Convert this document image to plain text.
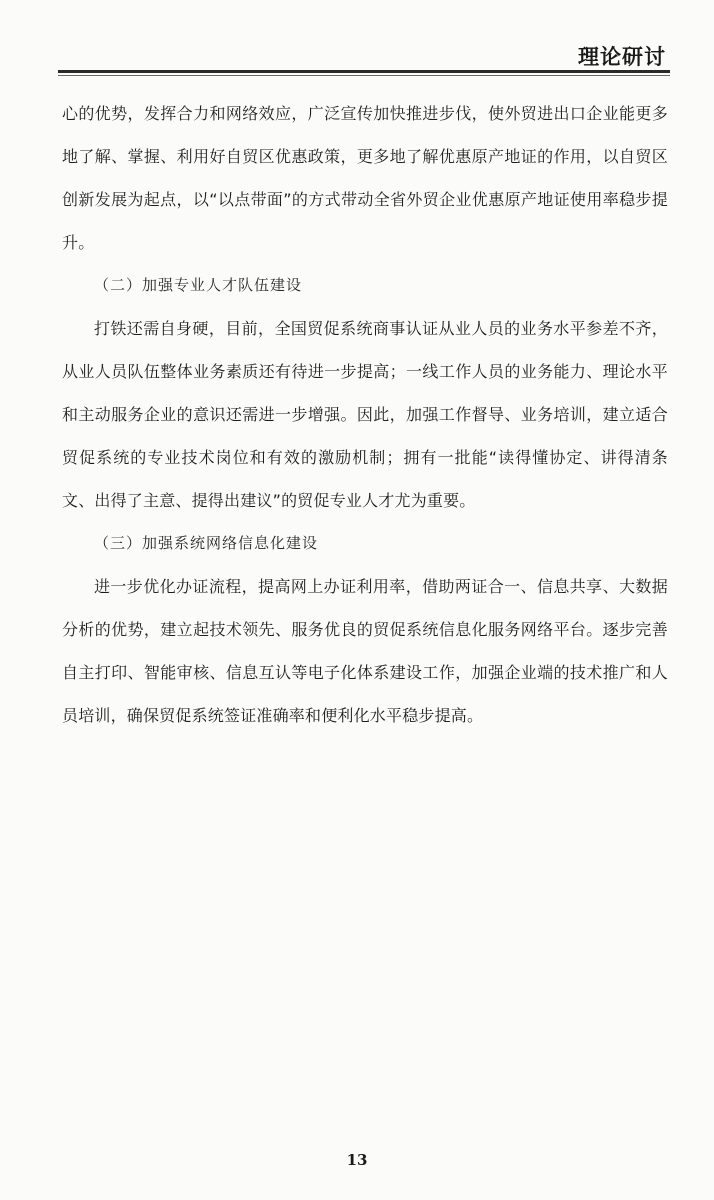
理论研讨

心的优势，发挥合力和网络效应，广泛宣传加快推进步伐，使外贸进出口企业能更多地了解、掌握、利用好自贸区优惠政策，更多地了解优惠原产地证的作用，以自贸区创新发展为起点，以“以点带面”的方式带动全省外贸企业优惠原产地证使用率稳步提升。

（二）加强专业人才队伍建设

打铁还需自身硬，目前，全国贸促系统商事认证从业人员的业务水平参差不齐，从业人员队伍整体业务素质还有待进一步提高；一线工作人员的业务能力、理论水平和主动服务企业的意识还需进一步增强。因此，加强工作督导、业务培训，建立适合贸促系统的专业技术岗位和有效的激励机制；拥有一批能“读得懂协定、讲得清条文、出得了主意、提得出建议”的贸促专业人才尤为重要。

（三）加强系统网络信息化建设

进一步优化办证流程，提高网上办证利用率，借助两证合一、信息共享、大数据分析的优势，建立起技术领先、服务优良的贸促系统信息化服务网络平台。逐步完善自主打印、智能审核、信息互认等电子化体系建设工作，加强企业端的技术推广和人员培训，确保贸促系统签证准确率和便利化水平稳步提高。

13
